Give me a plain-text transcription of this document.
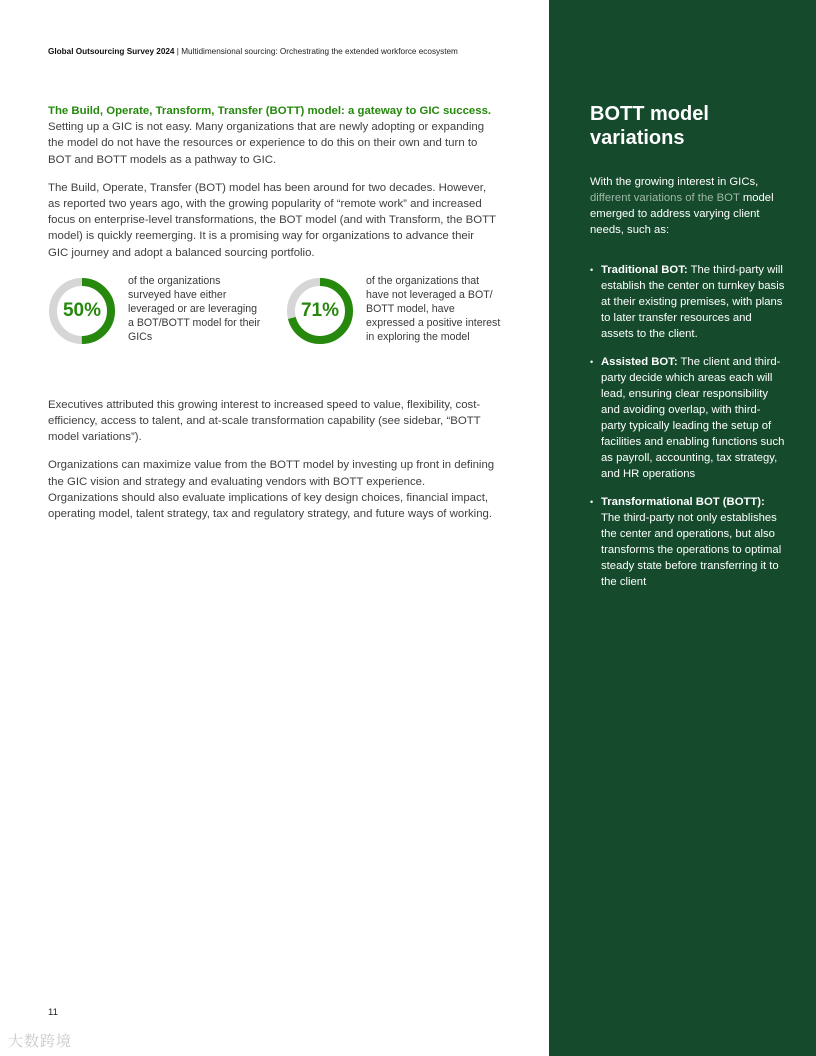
Global Outsourcing Survey 2024 | Multidimensional sourcing: Orchestrating the extended workforce ecosystem

The Build, Operate, Transform, Transfer (BOTT) model: a gateway to GIC success.
Setting up a GIC is not easy. Many organizations that are newly adopting or expanding the model do not have the resources or experience to do this on their own and turn to BOT and BOTT models as a pathway to GIC.

The Build, Operate, Transfer (BOT) model has been around for two decades. However, as reported two years ago, with the growing popularity of “remote work” and increased focus on enterprise-level transformations, the BOT model (and with Transform, the BOTT model) is quickly reemerging. It is a promising way for organizations to advance their GIC journey and adopt a balanced sourcing portfolio.

50%
of the organizations surveyed have either leveraged or are leveraging a BOT/BOTT model for their GICs
71%
of the organizations that have not leveraged a BOT/ BOTT model, have expressed a positive interest in exploring the model

Executives attributed this growing interest to increased speed to value, flexibility, cost-efficiency, access to talent, and at-scale transformation capability (see sidebar, “BOTT model variations”).

Organizations can maximize value from the BOTT model by investing up front in defining the GIC vision and strategy and evaluating vendors with BOTT experience. Organizations should also evaluate implications of key design choices, financial impact, operating model, talent strategy, tax and regulatory strategy, and future ways of working.

11
大数跨境
BOTT model variations
With the growing interest in GICs, different variations of the BOT model emerged to address varying client needs, such as:
• Traditional BOT: The third-party will establish the center on turnkey basis at their existing premises, with plans to later transfer resources and assets to the client.
• Assisted BOT: The client and third-party decide which areas each will lead, ensuring clear responsibility and avoiding overlap, with third-party typically leading the setup of facilities and enabling functions such as payroll, accounting, tax strategy, and HR operations
• Transformational BOT (BOTT):
The third-party not only establishes the center and operations, but also transforms the operations to optimal steady state before transferring it to the client
